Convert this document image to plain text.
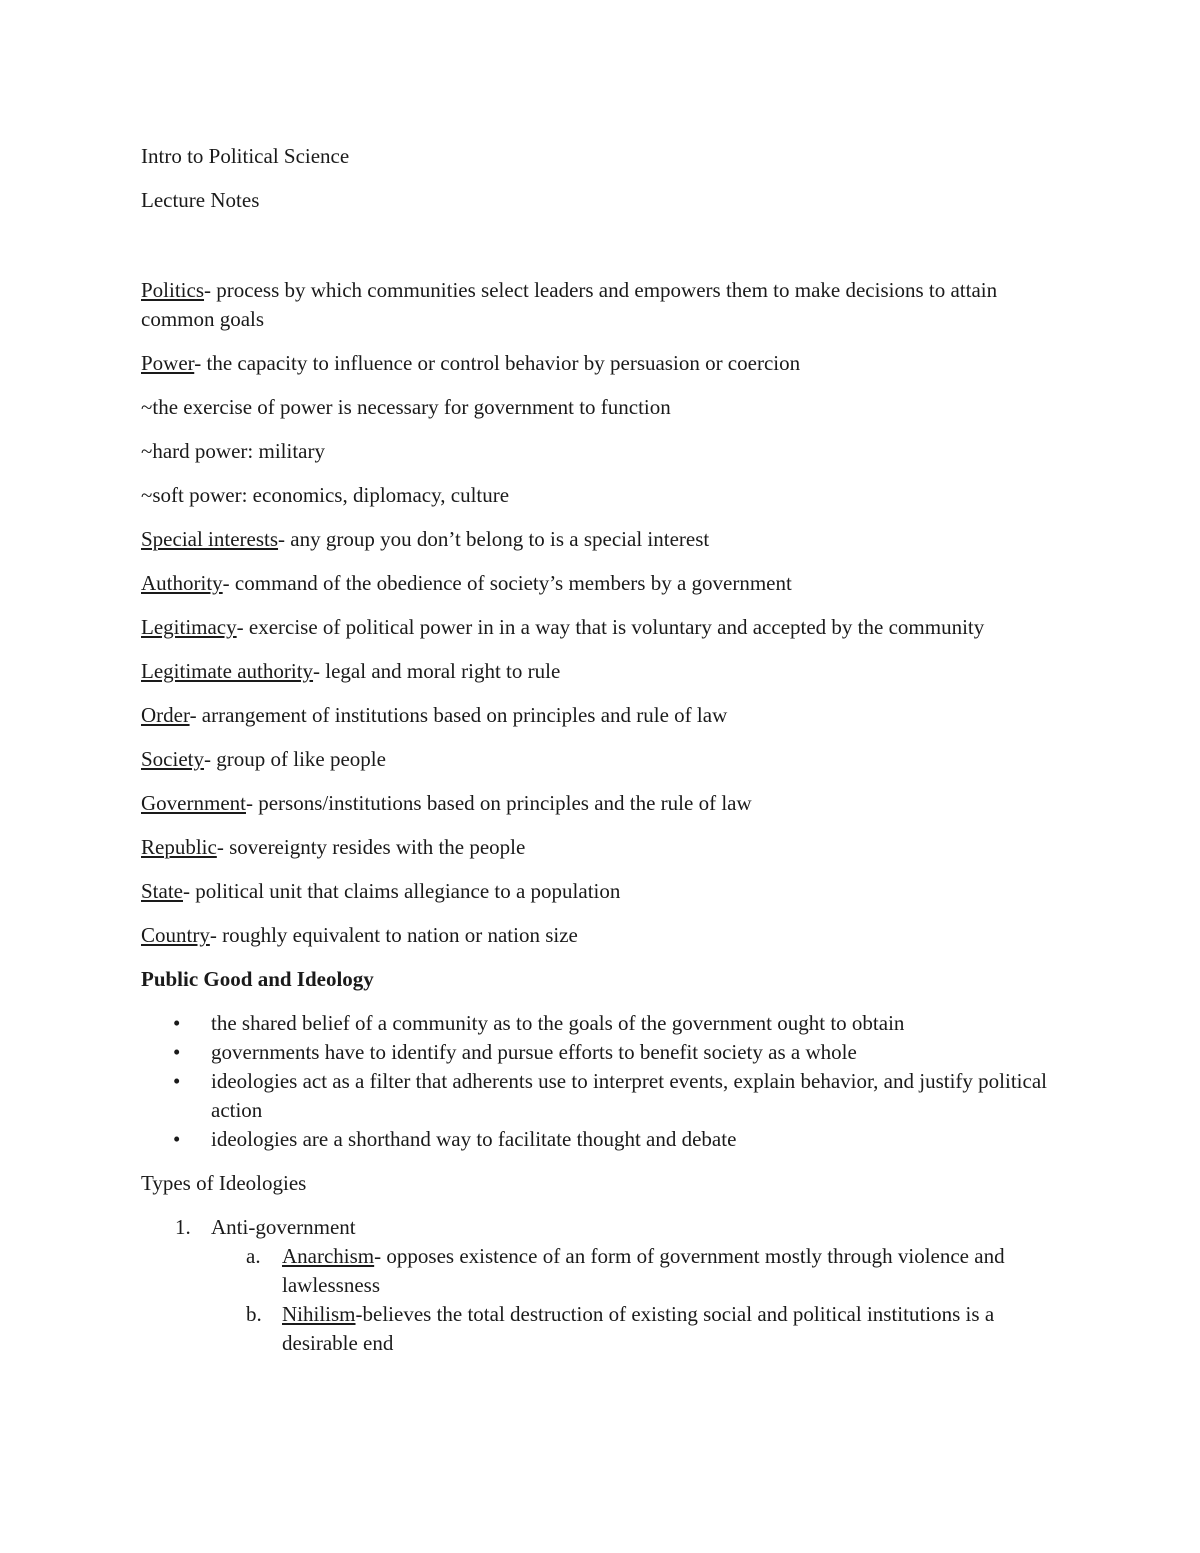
Intro to Political Science

Lecture Notes

Politics- process by which communities select leaders and empowers them to make decisions to attain common goals

Power- the capacity to influence or control behavior by persuasion or coercion

~the exercise of power is necessary for government to function

~hard power: military

~soft power: economics, diplomacy, culture

Special interests- any group you don’t belong to is a special interest

Authority- command of the obedience of society’s members by a government

Legitimacy- exercise of political power in in a way that is voluntary and accepted by the community

Legitimate authority- legal and moral right to rule

Order- arrangement of institutions based on principles and rule of law

Society- group of like people

Government- persons/institutions based on principles and the rule of law

Republic- sovereignty resides with the people

State- political unit that claims allegiance to a population

Country- roughly equivalent to nation or nation size

Public Good and Ideology

• the shared belief of a community as to the goals of the government ought to obtain
• governments have to identify and pursue efforts to benefit society as a whole
• ideologies act as a filter that adherents use to interpret events, explain behavior, and justify political action
• ideologies are a shorthand way to facilitate thought and debate

Types of Ideologies

1. Anti-government
a. Anarchism- opposes existence of an form of government mostly through violence and lawlessness
b. Nihilism-believes the total destruction of existing social and political institutions is a desirable end
